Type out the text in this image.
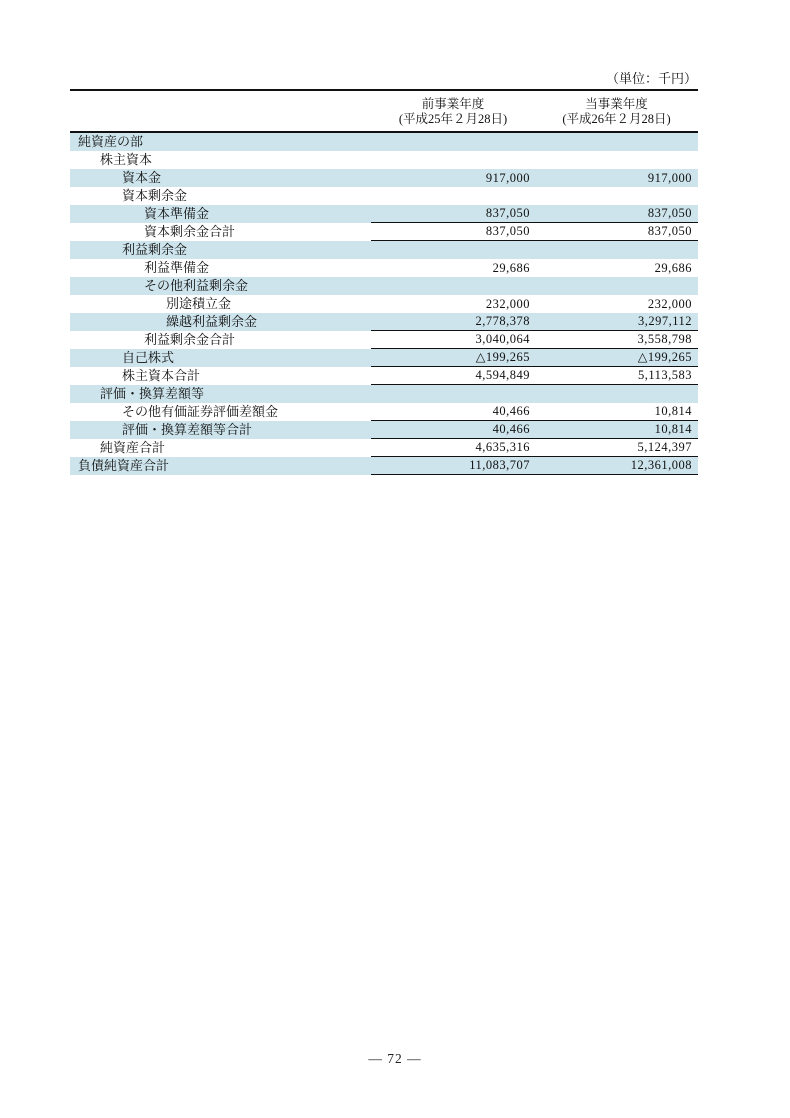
（単位：千円）
前事業年度
(平成25年２月28日)
当事業年度
(平成26年２月28日)
純資産の部
株主資本
資本金	917,000	917,000
資本剰余金
資本準備金	837,050	837,050
資本剰余金合計	837,050	837,050
利益剰余金
利益準備金	29,686	29,686
その他利益剰余金
別途積立金	232,000	232,000
繰越利益剰余金	2,778,378	3,297,112
利益剰余金合計	3,040,064	3,558,798
自己株式	△199,265	△199,265
株主資本合計	4,594,849	5,113,583
評価・換算差額等
その他有価証券評価差額金	40,466	10,814
評価・換算差額等合計	40,466	10,814
純資産合計	4,635,316	5,124,397
負債純資産合計	11,083,707	12,361,008
— 72 —
